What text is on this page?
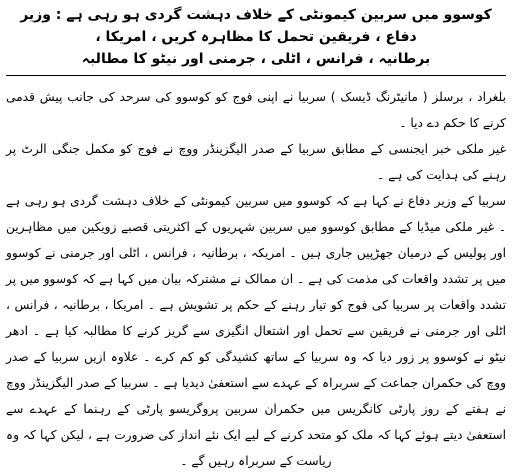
کوسوو میں سربین کیمونٹی کے خلاف دہشت گردی ہو رہی ہے : وزیر دفاع ، فریقین تحمل کا مظاہرہ کریں ، امریکا ،
برطانیہ ، فرانس ، اٹلی ، جرمنی اور نیٹو کا مطالبہ

بلغراد ، برسلز ( مانیٹرنگ ڈیسک ) سربیا نے اپنی فوج کو کوسوو کی سرحد کی جانب پیش قدمی کرنے کا حکم دے دیا ۔
غیر ملکی خبر ایجنسی کے مطابق سربیا کے صدر الیگزینڈر ووچ نے فوج کو مکمل جنگی الرٹ پر رہنے کی ہدایت کی ہے ۔
سربیا کے وزیر دفاع نے کہا ہے کہ کوسوو میں سربین کیمونٹی کے خلاف دہشت گردی ہو رہی ہے ۔ غیر ملکی میڈیا کے مطابق کوسوو میں سربین شہریوں کے اکثریتی قصبے زویکین میں مظاہرین اور پولیس کے درمیان جھڑپیں جاری ہیں ۔ امریکہ ، برطانیہ ، فرانس ، اٹلی اور جرمنی نے کوسوو میں پر تشدد واقعات کی مذمت کی ہے ۔ ان ممالک نے مشترکہ بیان میں کہا ہے کہ کوسوو میں پر تشدد واقعات پر سربیا کی فوج کو تیار رہنے کے حکم پر تشویش ہے ۔ امریکا ، برطانیہ ، فرانس ، اٹلی اور جرمنی نے فریقین سے تحمل اور اشتعال انگیزی سے گریز کرنے کا مطالبہ کیا ہے ۔ ادھر نیٹو نے کوسوو پر زور دیا کہ وہ سربیا کے ساتھ کشیدگی کو کم کرے ۔ علاوہ ازیں سربیا کے صدر ووچ کی حکمران جماعت کے سربراہ کے عہدے سے استعفیٰ دیدیا ہے ۔ سربیا کے صدر الیگزینڈر ووچ نے ہفتے کے روز پارٹی کانگریس میں حکمران سربین پروگریسو پارٹی کے رہنما کے عہدے سے استعفیٰ دیتے ہوئے کہا کہ ملک کو متحد کرنے کے لیے ایک نئے انداز کی ضرورت ہے ، لیکن کہا کہ وہ ریاست کے سربراہ رہیں گے ۔
